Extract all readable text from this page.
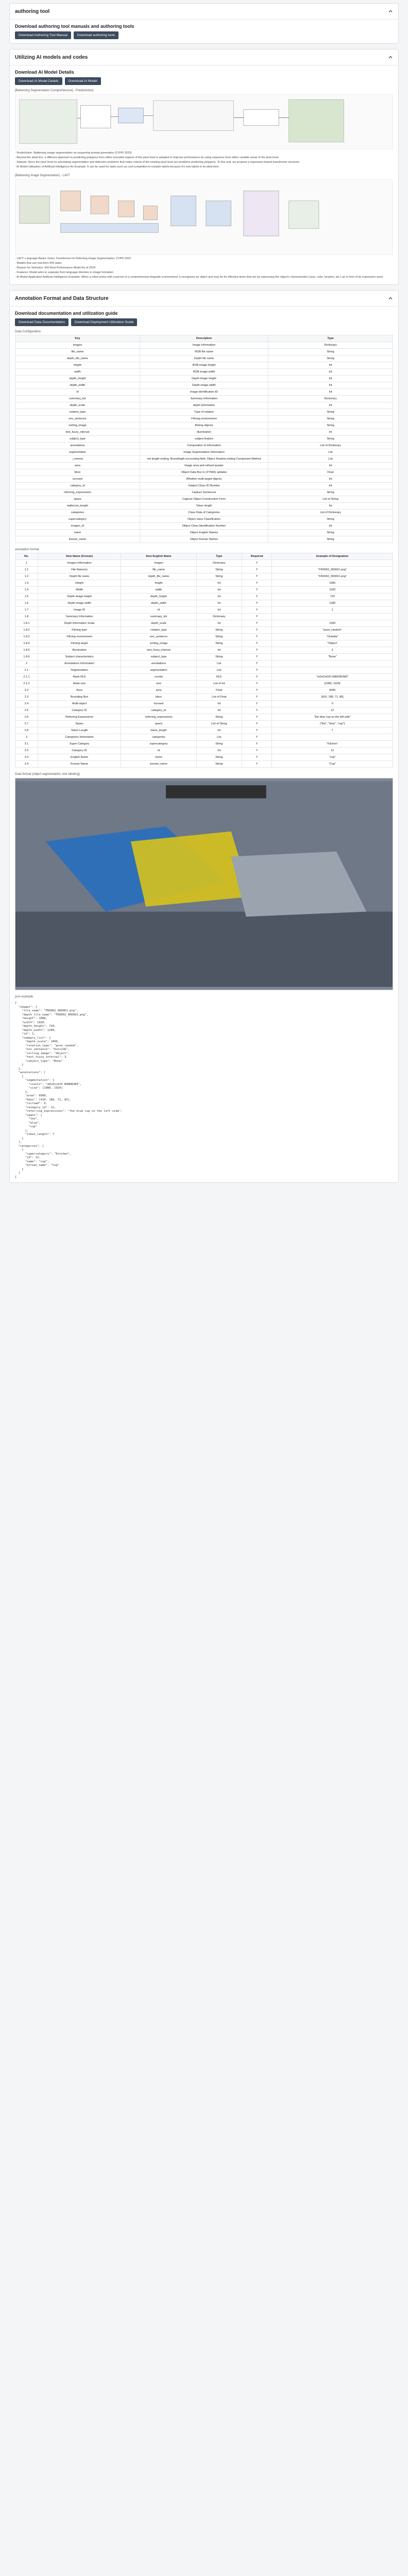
authoring tool
Download authoring tool manuals and authoring tools
Download Authoring Tool Manual	Download authoring tools
Utilizing AI models and codes
Download AI Model Details
Download AI Model Details	Download AI Model
[Batteming Segmentation Comprehensive] - Predictiction]
- Predictiction: Batteming image segmentation as sequential prompt generation (CVPR 2023)
- Beyond the ideal line, a different approach to predicting polygons from either bounded regions of the pixel level is adopted to improve performance by using sequence from either variable areas of the pixel level.
- Dataset: Since the pixel level no annotating segmentation and detection problems that make criteria of the existing pixel level are problems predicting polygons. To this end, we propose a regression-based transformer structure.
- AI Model Utilization of Artificial Intelligence An Example: It can be used for tasks such as cost-competitor-to-compile labels because it's new labels in its ideal item.
[Batteming image Segmentation] - LAVT
- LAVT: Language-Aware Vision Transformer for Referring Image Segmentation, CVPR 2022
- Models that use real-form RIS tasks
- Reason for Selection: RIS Best Performance Model As of 2024
- Features: Model aims to separate from language direction in image formation
- AI Model Application Artificial Intelligence Example: When a robot works with a person in a comprehensive-linguistic environment, it recognizes an object and may be for effective items that are by expressing the object's characteristics (size, color, location, etc.) as in form of its expression word.
Annotation Format and Data Structure
Download documentation and utilization guide
Download Data Documentation	Download Deployment Utilization Guide
Data Configuration
Key	Description	Type
images	Image Information	Dictionary
file_name	RGB file name	String
depth_file_name	Depth file name	String
height	RGB image height	Int
width	RGB image width	Int
depth_height	Depth image height	Int
depth_width	Depth image width	Int
id	image identification ID	Int
summary_list	Summary Information	Dictionary
depth_scale	depth information	Int
rotation_type	Type of rotation	String
env_sentence	Filming environment	String
sorting_image	filming objects	String
text_fuzzy_interval	Illumination	Int
subject_type	subject feature	String
annotations	Composition of Information	List of Dictionary
segmentation	Image Segmentation Information	List
_comma	not length ending; Boundingth accounting field; Object Shadow ending Component Method	List
area	Image area and refined quarter	Int
bbox	Object Data Box in (XYWH) updates	Float
iscrowd	Whether multi-target objects	Int
category_id	Subject Class ID Number	Int
referring_expressions	Capture Sentences	String
spans	Capture Object Construction Form	List of String
wallscore_length	Token length	Int
categories	Class Data of Categories	List of Dictionary
supercategory	Object class Classification	String
images_id	Object Class Identification Number	Int
name	Object English Names	String
korean_name	Object Korean Names	String
annotation format
No.	Item Name (Korean)	Item English Name	Type	Required	Example of Designation
1	Images Information	images	Dictionary	Y	
1.1	File Name(s)	file_name	String	Y	"FR0002_000001.png"
1.2	Depth file name	depth_file_name	String	Y	"FR0002_000001.png"
1.3	Height	height	Int	Y	1080
1.4	Width	width	Int	Y	1920
1.5	Depth image height	depth_height	Int	Y	720
1.6	Depth image width	depth_width	Int	Y	1280
1.7	Image ID	id	Int	Y	1
1.8	Summary Information	summary_list	Dictionary	Y	
1.8.1	Depth Information Scale	depth_scale	Int	Y	1000
1.8.2	Filming type	rotation_type	String	Y	"pose_random"
1.8.3	Filming environment	env_sentence	String	Y	"Outside"
1.8.4	Filming target	sorting_image	String	Y	"Object"
1.8.5	Illumination	text_fuzzy_interval	Int	Y	3
1.8.6	Subject characteristics	subject_type	String	Y	"None"
2	Annotations Information	annotations	List	Y	
2.1	Segmentation	segmentation	List	Y	
2.1.1	Mask RLE	counts	RLE	Y	"m0v01i0J5 N9MOB2M3"
2.1.2	Mask size	size	List of Int	Y	[1080, 1920]
2.2	Area	area	Float	Y	6090
2.3	Bounding Box	bbox	List of Float	Y	[410, 188, 71, 85]
2.4	Multi-object	iscrowd	Int	Y	0
2.5	Category ID	category_id	Int	Y	12
2.6	Referring Expressions	referring_expressions	String	Y	"the blue cup on the left side"
2.7	Spans	spans	List of String	Y	["the", "blue", "cup"]
2.8	Token Length	token_length	Int	Y	7
3	Categories Information	categories	List	Y	
3.1	Super Category	supercategory	String	Y	"Kitchen"
3.2	Category ID	id	Int	Y	12
3.3	English Name	name	String	Y	"cup"
3.4	Korean Name	korean_name	String	Y	"Cup"
Data format (object segmentation, text labeling)
json example
{
"images": {
"file_name": "FR0002_000001.png",
"depth_file_name": "FR0002_000001.png",
"height": 1080,
"width": 1920,
"depth_height": 720,
"depth_width": 1280,
"id": 1,
"summary_list": {
"depth_scale": 1000,
"rotation_type": "pose_random",
"env_sentence": "Outside",
"sorting_image": "Object",
"text_fuzzy_interval": 3,
"subject_type": "None"
}
},
"annotations": [
{
"segmentation": {
"counts": "m0v01i0J5 N9MOB2M3",
"size": [1080, 1920]
},
"area": 6090,
"bbox": [410, 188, 71, 85],
"iscrowd": 0,
"category_id": 12,
"referring_expressions": "the blue cup on the left side",
"spans": [
"the",
"blue",
"cup"
],
"token_length": 7
}
],
"categories": [
{
"supercategory": "Kitchen",
"id": 12,
"name": "cup",
"korean_name": "Cup"
}
]
}
